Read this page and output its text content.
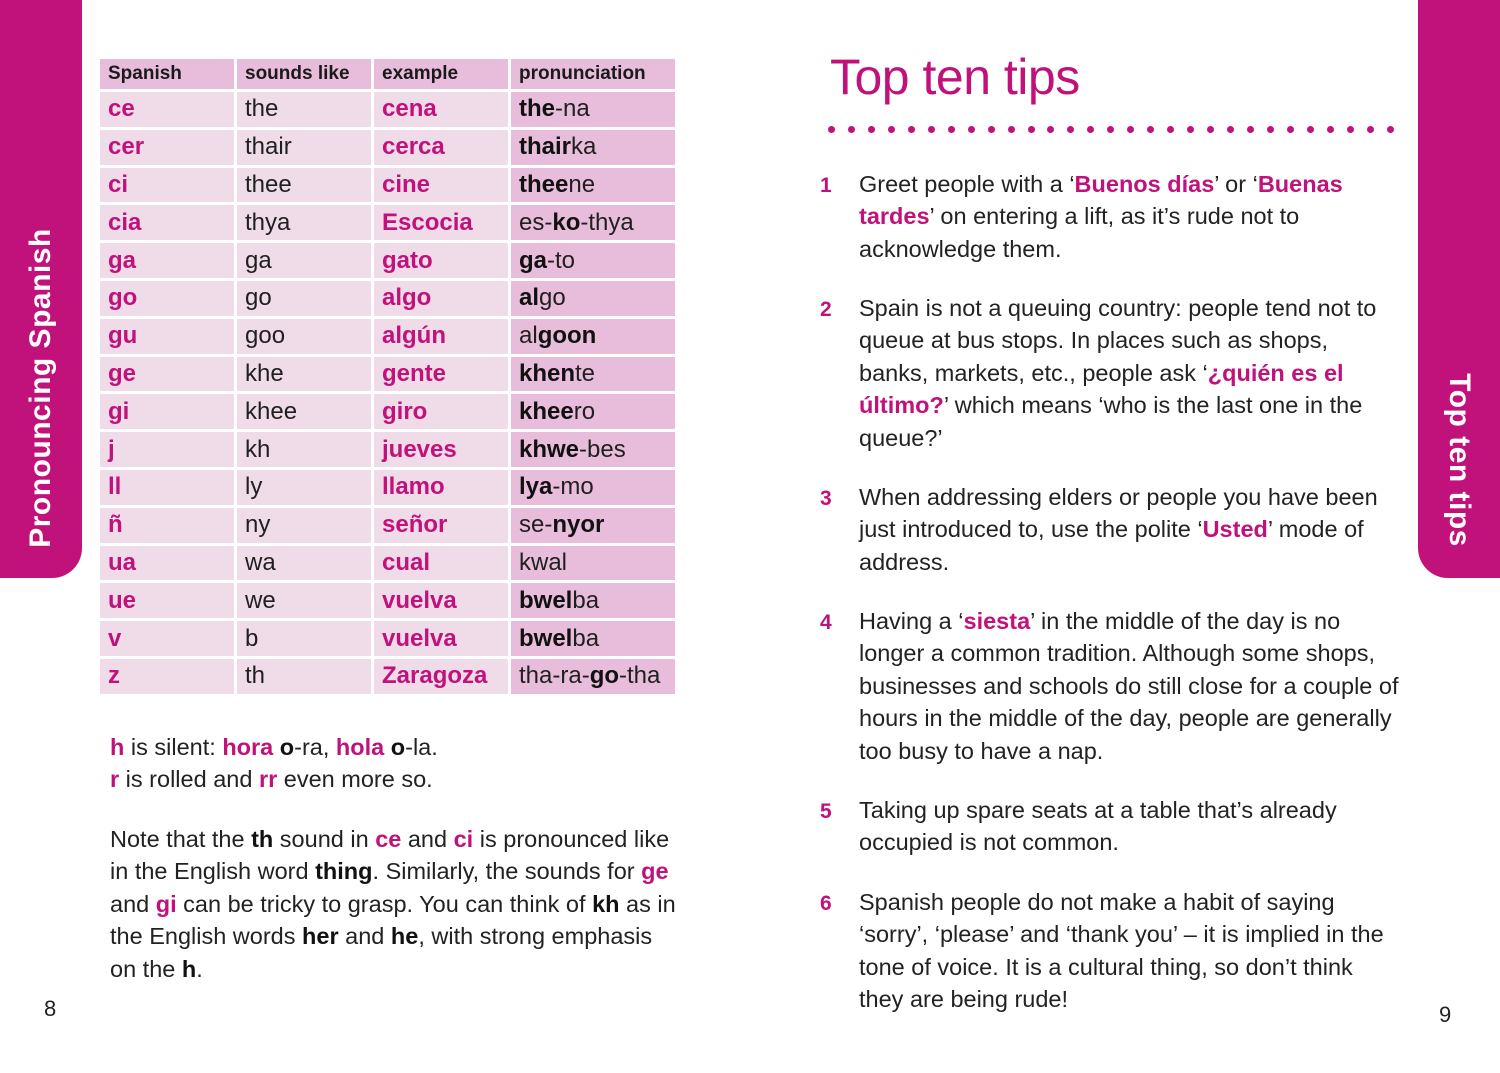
Pronouncing Spanish	Top ten tips
Spanish	sounds like	example	pronunciation
ce	the	cena	the-na
cer	thair	cerca	thairka
ci	thee	cine	theene
cia	thya	Escocia	es-ko-thya
ga	ga	gato	ga-to
go	go	algo	algo
gu	goo	algún	algoon
ge	khe	gente	khente
gi	khee	giro	kheero
j	kh	jueves	khwe-bes
ll	ly	llamo	lya-mo
ñ	ny	señor	se-nyor
ua	wa	cual	kwal
ue	we	vuelva	bwelba
v	b	vuelva	bwelba
z	th	Zaragoza	tha-ra-go-tha
h is silent: hora o-ra, hola o-la.
r is rolled and rr even more so.
Note that the th sound in ce and ci is pronounced like in the English word thing. Similarly, the sounds for ge and gi can be tricky to grasp. You can think of kh as in the English words her and he, with strong emphasis on the h.
8	9
Top ten tips
1	Greet people with a ‘Buenos días’ or ‘Buenas tardes’ on entering a lift, as it’s rude not to acknowledge them.
2	Spain is not a queuing country: people tend not to queue at bus stops. In places such as shops, banks, markets, etc., people ask ‘¿quién es el último?’ which means ‘who is the last one in the queue?’
3	When addressing elders or people you have been just introduced to, use the polite ‘Usted’ mode of address.
4	Having a ‘siesta’ in the middle of the day is no longer a common tradition. Although some shops, businesses and schools do still close for a couple of hours in the middle of the day, people are generally too busy to have a nap.
5	Taking up spare seats at a table that’s already occupied is not common.
6	Spanish people do not make a habit of saying ‘sorry’, ‘please’ and ‘thank you’ – it is implied in the tone of voice. It is a cultural thing, so don’t think they are being rude!
